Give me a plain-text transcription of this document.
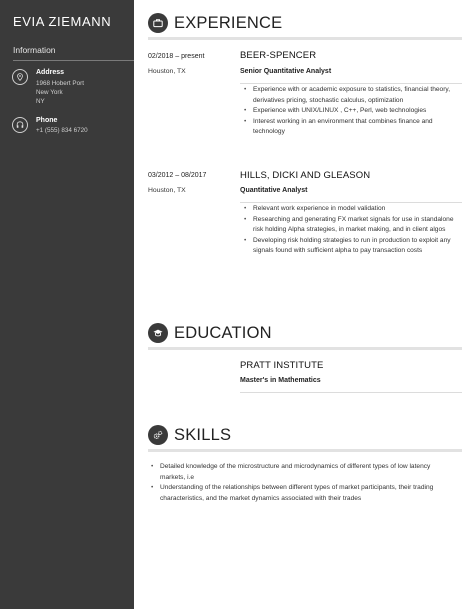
EVIA ZIEMANN
Information
Address
1968 Hobert Port
New York
NY
Phone
+1 (555) 834 6720
EXPERIENCE
02/2018 – present
Houston, TX
BEER-SPENCER
Senior Quantitative Analyst
• Experience with or academic exposure to statistics, financial theory, derivatives pricing, stochastic calculus, optimization
• Experience with UNIX/LINUX , C++, Perl, web technologies
• Interest working in an environment that combines finance and technology
03/2012 – 08/2017
Houston, TX
HILLS, DICKI AND GLEASON
Quantitative Analyst
• Relevant work experience in model validation
• Researching and generating FX market signals for use in standalone risk holding Alpha strategies, in market making, and in client algos
• Developing risk holding strategies to run in production to exploit any signals found with sufficient alpha to pay transaction costs
EDUCATION
PRATT INSTITUTE
Master's in Mathematics
SKILLS
• Detailed knowledge of the microstructure and microdynamics of different types of low latency markets, i.e
• Understanding of the relationships between different types of market participants, their trading characteristics, and the market dynamics associated with their trades
